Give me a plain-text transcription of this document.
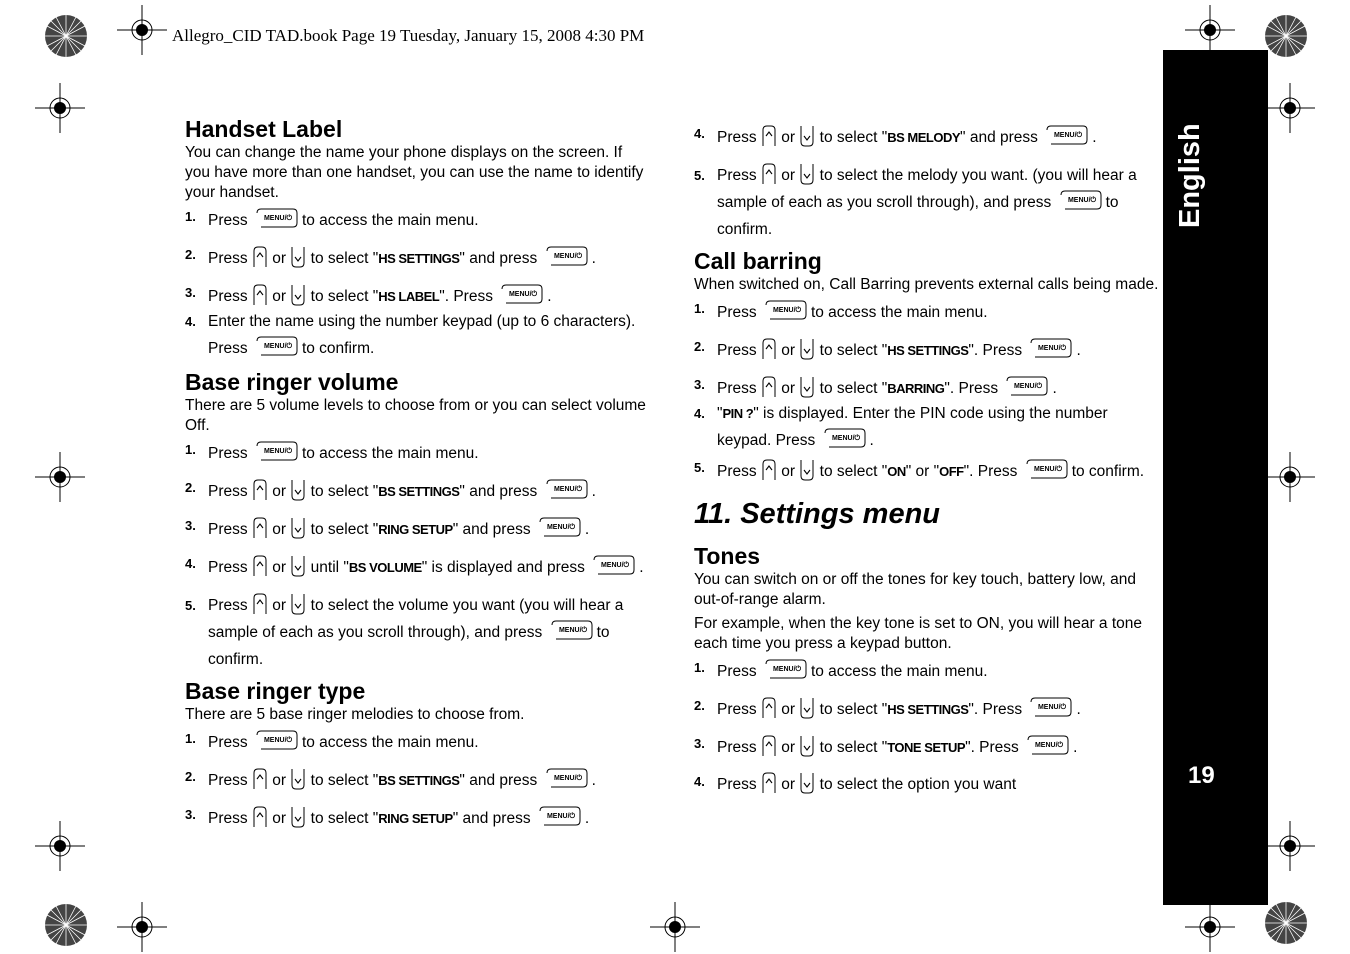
Allegro_CID TAD.book Page 19 Tuesday, January 15, 2008 4:30 PM
English
19
Handset Label

You can change the name your phone displays on the screen. If you have more than one handset, you can use the name to identify your handset.

1. Press MENU/⏻ to access the main menu.
2. Press or to select "HS SETTINGS" and press MENU/⏻ .
3. Press or to select "HS LABEL". Press MENU/⏻ .
4. Enter the name using the number keypad (up to 6 characters). Press MENU/⏻ to confirm.
Base ringer volume

There are 5 volume levels to choose from or you can select volume Off.

1. Press MENU/⏻ to access the main menu.
2. Press or to select "BS SETTINGS" and press MENU/⏻ .
3. Press or to select "RING SETUP" and press MENU/⏻ .
4. Press or until "BS VOLUME" is displayed and press MENU/⏻ .
5. Press or to select the volume you want (you will hear a sample of each as you scroll through), and press MENU/⏻ to confirm.
Base ringer type

There are 5 base ringer melodies to choose from.

1. Press MENU/⏻ to access the main menu.
2. Press or to select "BS SETTINGS" and press MENU/⏻ .
3. Press or to select "RING SETUP" and press MENU/⏻ .
4. Press or to select "BS MELODY" and press MENU/⏻ .
5. Press or to select the melody you want. (you will hear a sample of each as you scroll through), and press MENU/⏻ to confirm.
Call barring

When switched on, Call Barring prevents external calls being made.

1. Press MENU/⏻ to access the main menu.
2. Press or to select "HS SETTINGS". Press MENU/⏻ .
3. Press or to select "BARRING". Press MENU/⏻ .
4. "PIN ?" is displayed. Enter the PIN code using the number keypad. Press MENU/⏻ .
5. Press or to select "ON" or "OFF". Press MENU/⏻ to confirm.
11. Settings menu
Tones

You can switch on or off the tones for key touch, battery low, and out-of-range alarm.

For example, when the key tone is set to ON, you will hear a tone each time you press a keypad button.

1. Press MENU/⏻ to access the main menu.
2. Press or to select "HS SETTINGS". Press MENU/⏻ .
3. Press or to select "TONE SETUP". Press MENU/⏻ .
4. Press or to select the option you want
